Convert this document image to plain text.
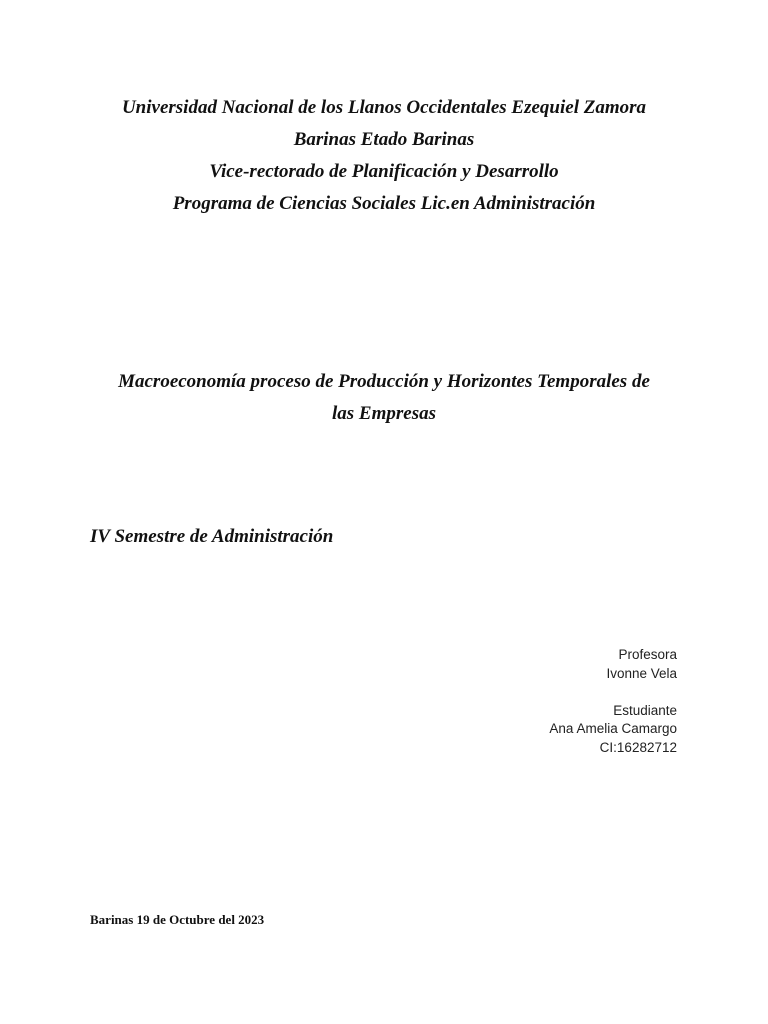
Universidad Nacional de los Llanos Occidentales Ezequiel Zamora
Barinas Etado Barinas
Vice-rectorado de Planificación y Desarrollo
Programa de Ciencias Sociales Lic.en Administración
Macroeconomía proceso de Producción y Horizontes Temporales de
las Empresas
IV Semestre de Administración
Profesora
Ivonne Vela
Estudiante
Ana Amelia Camargo
CI:16282712
Barinas 19 de Octubre del 2023
